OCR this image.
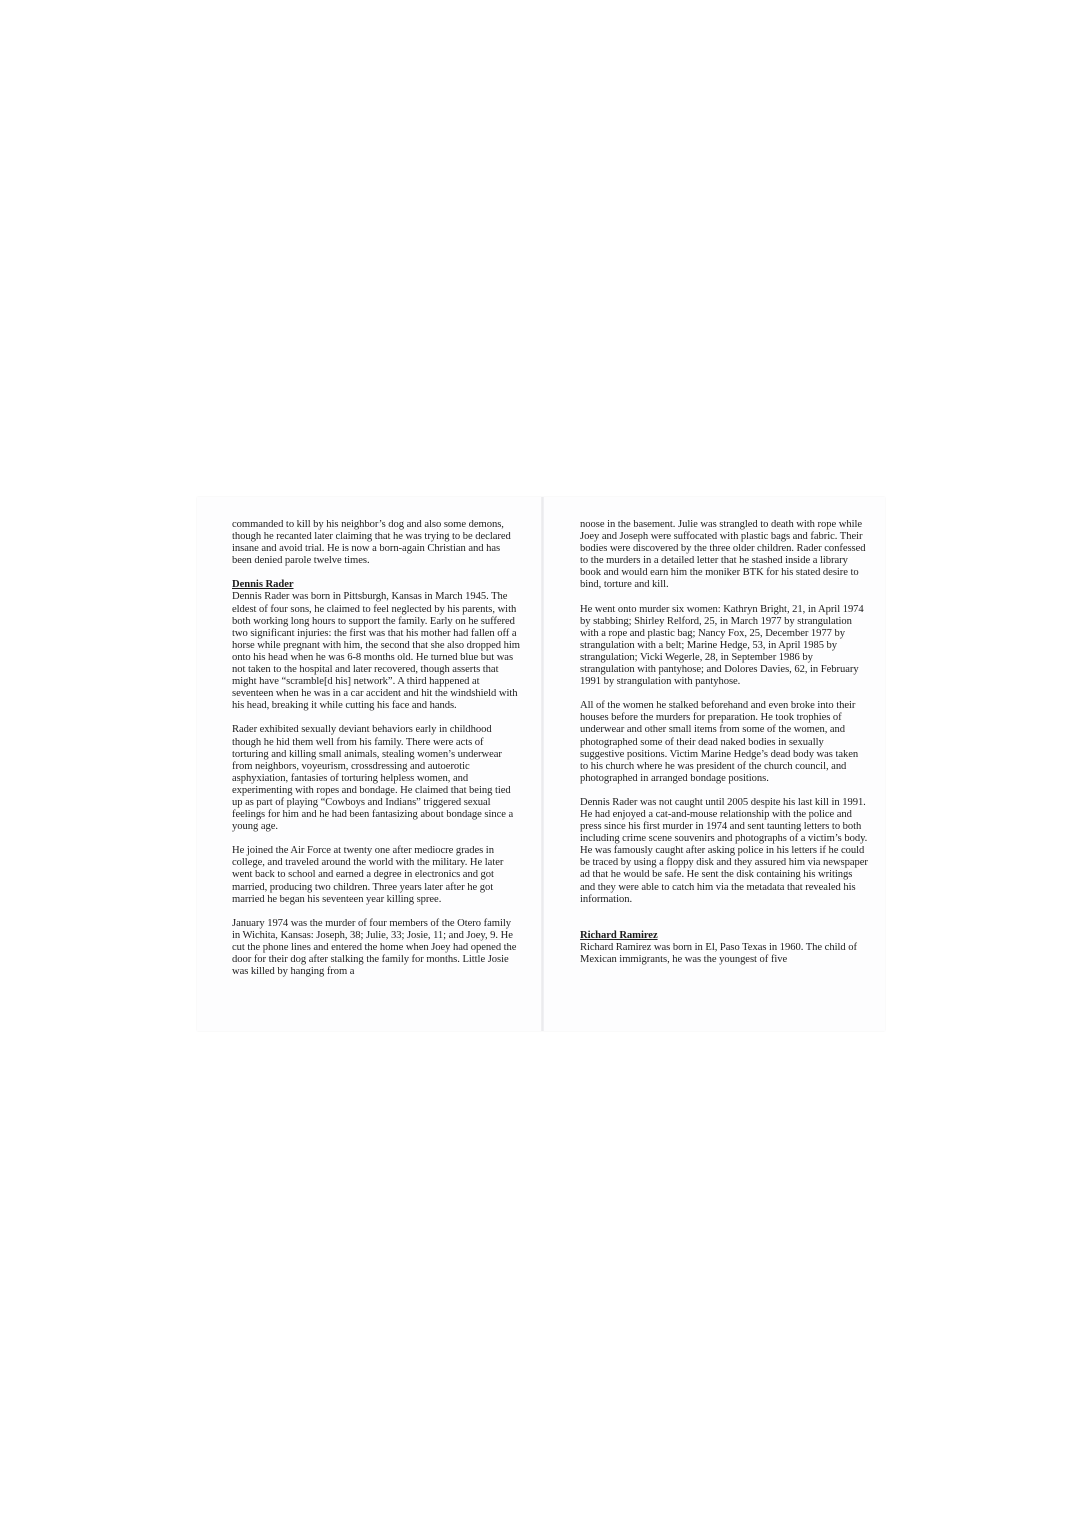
commanded to kill by his neighbor’s dog and also some demons, though he recanted later claiming that he was trying to be declared insane and avoid trial. He is now a born-again Christian and has been denied parole twelve times.

Dennis Rader

Dennis Rader was born in Pittsburgh, Kansas in March 1945. The eldest of four sons, he claimed to feel neglected by his parents, with both working long hours to support the family. Early on he suffered two significant injuries: the first was that his mother had fallen off a horse while pregnant with him, the second that she also dropped him onto his head when he was 6-8 months old. He turned blue but was not taken to the hospital and later recovered, though asserts that might have “scramble[d his] network”. A third happened at seventeen when he was in a car accident and hit the windshield with his head, breaking it while cutting his face and hands.

Rader exhibited sexually deviant behaviors early in childhood though he hid them well from his family. There were acts of torturing and killing small animals, stealing women’s underwear from neighbors, voyeurism, crossdressing and autoerotic asphyxiation, fantasies of torturing helpless women, and experimenting with ropes and bondage. He claimed that being tied up as part of playing “Cowboys and Indians” triggered sexual feelings for him and he had been fantasizing about bondage since a young age.

He joined the Air Force at twenty one after mediocre grades in college, and traveled around the world with the military. He later went back to school and earned a degree in electronics and got married, producing two children. Three years later after he got married he began his seventeen year killing spree.

January 1974 was the murder of four members of the Otero family in Wichita, Kansas: Joseph, 38; Julie, 33; Josie, 11; and Joey, 9. He cut the phone lines and entered the home when Joey had opened the door for their dog after stalking the family for months. Little Josie was killed by hanging from a

noose in the basement. Julie was strangled to death with rope while Joey and Joseph were suffocated with plastic bags and fabric. Their bodies were discovered by the three older children. Rader confessed to the murders in a detailed letter that he stashed inside a library book and would earn him the moniker BTK for his stated desire to bind, torture and kill.

He went onto murder six women: Kathryn Bright, 21, in April 1974 by stabbing; Shirley Relford, 25, in March 1977 by strangulation with a rope and plastic bag; Nancy Fox, 25, December 1977 by strangulation with a belt; Marine Hedge, 53, in April 1985 by strangulation; Vicki Wegerle, 28, in September 1986 by strangulation with pantyhose; and Dolores Davies, 62, in February 1991 by strangulation with pantyhose.

All of the women he stalked beforehand and even broke into their houses before the murders for preparation. He took trophies of underwear and other small items from some of the women, and photographed some of their dead naked bodies in sexually suggestive positions. Victim Marine Hedge’s dead body was taken to his church where he was president of the church council, and photographed in arranged bondage positions.

Dennis Rader was not caught until 2005 despite his last kill in 1991. He had enjoyed a cat-and-mouse relationship with the police and press since his first murder in 1974 and sent taunting letters to both including crime scene souvenirs and photographs of a victim’s body. He was famously caught after asking police in his letters if he could be traced by using a floppy disk and they assured him via newspaper ad that he would be safe. He sent the disk containing his writings and they were able to catch him via the metadata that revealed his information.

Richard Ramirez

Richard Ramirez was born in El, Paso Texas in 1960. The child of Mexican immigrants, he was the youngest of five
